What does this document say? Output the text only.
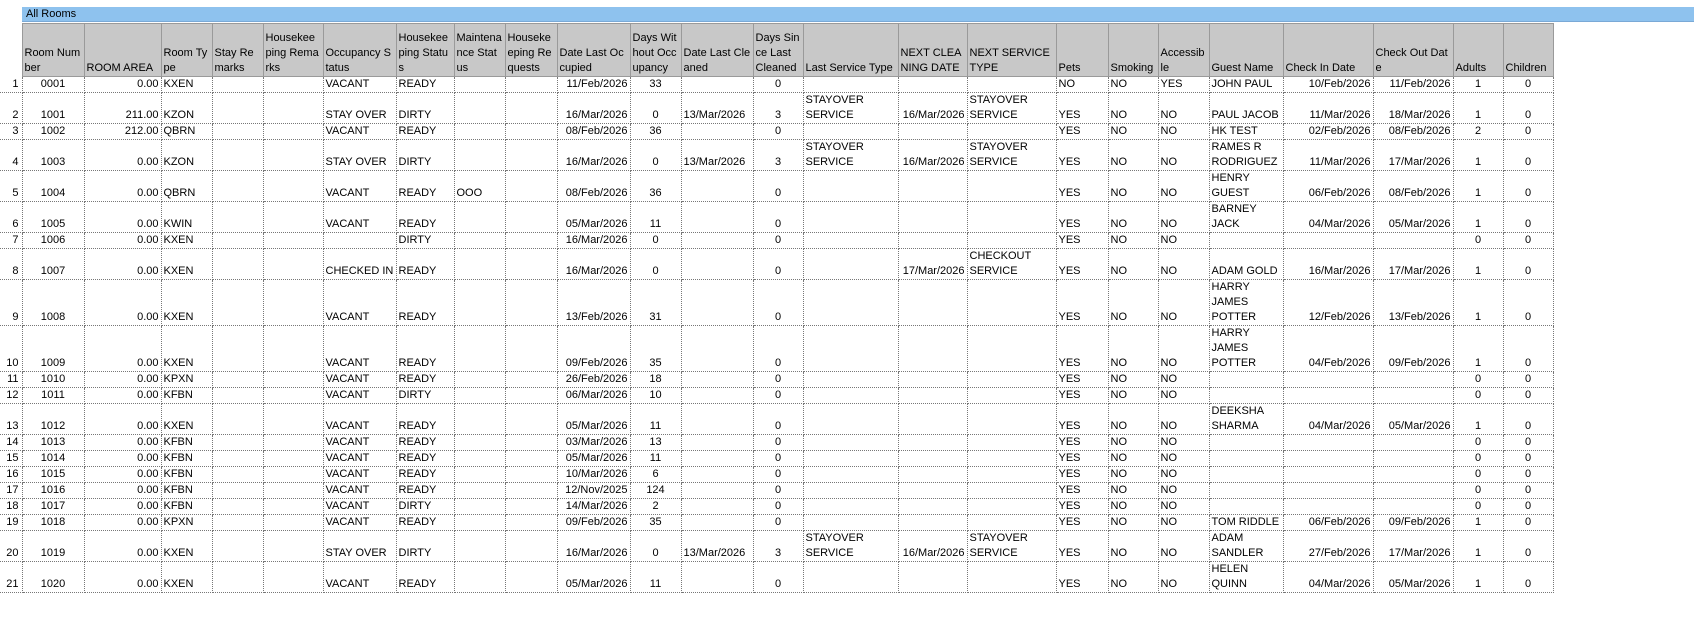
All Rooms
	Room Number	ROOM AREA	Room Type	Stay Remarks	Housekeeping Remarks	Occupancy Status	Housekeeping Status	Maintenance Status	Housekeeping Requests	Date Last Occupied	Days Without Occupancy	Date Last Cleaned	Days Since Last Cleaned	Last Service Type	NEXT CLEANING DATE	NEXT SERVICE TYPE	Pets	Smoking	Accessible	Guest Name	Check In Date	Check Out Date	Adults	Children
1	0001	0.00	KXEN			VACANT	READY			11/Feb/2026	33		0				NO	NO	YES	JOHN PAUL	10/Feb/2026	11/Feb/2026	1	0
2	1001	211.00	KZON			STAY OVER	DIRTY			16/Mar/2026	0	13/Mar/2026	3	STAYOVER SERVICE	16/Mar/2026	STAYOVER SERVICE	YES	NO	NO	PAUL JACOB	11/Mar/2026	18/Mar/2026	1	0
3	1002	212.00	QBRN			VACANT	READY			08/Feb/2026	36		0				YES	NO	NO	HK TEST	02/Feb/2026	08/Feb/2026	2	0
4	1003	0.00	KZON			STAY OVER	DIRTY			16/Mar/2026	0	13/Mar/2026	3	STAYOVER SERVICE	16/Mar/2026	STAYOVER SERVICE	YES	NO	NO	RAMES R RODRIGUEZ	11/Mar/2026	17/Mar/2026	1	0
5	1004	0.00	QBRN			VACANT	READY	OOO		08/Feb/2026	36		0				YES	NO	NO	HENRY GUEST	06/Feb/2026	08/Feb/2026	1	0
6	1005	0.00	KWIN			VACANT	READY			05/Mar/2026	11		0				YES	NO	NO	BARNEY JACK	04/Mar/2026	05/Mar/2026	1	0
7	1006	0.00	KXEN				DIRTY			16/Mar/2026	0		0				YES	NO	NO				0	0
8	1007	0.00	KXEN			CHECKED IN	READY			16/Mar/2026	0		0		17/Mar/2026	CHECKOUT SERVICE	YES	NO	NO	ADAM GOLD	16/Mar/2026	17/Mar/2026	1	0
9	1008	0.00	KXEN			VACANT	READY			13/Feb/2026	31		0				YES	NO	NO	HARRY JAMES POTTER	12/Feb/2026	13/Feb/2026	1	0
10	1009	0.00	KXEN			VACANT	READY			09/Feb/2026	35		0				YES	NO	NO	HARRY JAMES POTTER	04/Feb/2026	09/Feb/2026	1	0
11	1010	0.00	KPXN			VACANT	READY			26/Feb/2026	18		0				YES	NO	NO				0	0
12	1011	0.00	KFBN			VACANT	DIRTY			06/Mar/2026	10		0				YES	NO	NO				0	0
13	1012	0.00	KXEN			VACANT	READY			05/Mar/2026	11		0				YES	NO	NO	DEEKSHA SHARMA	04/Mar/2026	05/Mar/2026	1	0
14	1013	0.00	KFBN			VACANT	READY			03/Mar/2026	13		0				YES	NO	NO				0	0
15	1014	0.00	KFBN			VACANT	READY			05/Mar/2026	11		0				YES	NO	NO				0	0
16	1015	0.00	KFBN			VACANT	READY			10/Mar/2026	6		0				YES	NO	NO				0	0
17	1016	0.00	KFBN			VACANT	READY			12/Nov/2025	124		0				YES	NO	NO				0	0
18	1017	0.00	KFBN			VACANT	DIRTY			14/Mar/2026	2		0				YES	NO	NO				0	0
19	1018	0.00	KPXN			VACANT	READY			09/Feb/2026	35		0				YES	NO	NO	TOM RIDDLE	06/Feb/2026	09/Feb/2026	1	0
20	1019	0.00	KXEN			STAY OVER	DIRTY			16/Mar/2026	0	13/Mar/2026	3	STAYOVER SERVICE	16/Mar/2026	STAYOVER SERVICE	YES	NO	NO	ADAM SANDLER	27/Feb/2026	17/Mar/2026	1	0
21	1020	0.00	KXEN			VACANT	READY			05/Mar/2026	11		0				YES	NO	NO	HELEN QUINN	04/Mar/2026	05/Mar/2026	1	0
